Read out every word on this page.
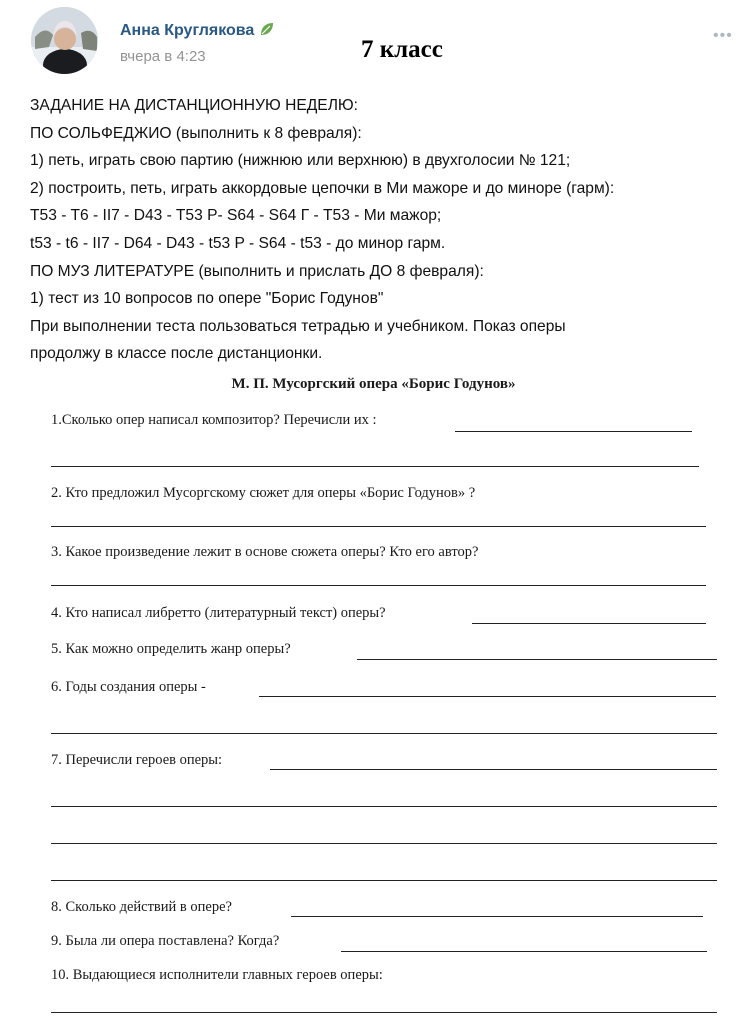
Анна Круглякова
вчера в 4:23	7 класс
•••
ЗАДАНИЕ НА ДИСТАНЦИОННУЮ НЕДЕЛЮ:
ПО СОЛЬФЕДЖИО (выполнить к 8 февраля):
1) петь, играть свою партию (нижнюю или верхнюю) в двухголосии № 121;
2) построить, петь, играть аккордовые цепочки в Ми мажоре и до миноре (гарм):
T53 - T6 - II7 - D43 - T53 P- S64 - S64 Г - T53 - Ми мажор;
t53 - t6 - II7 - D64 - D43 - t53 P - S64 - t53 - до минор гарм.
ПО МУЗ ЛИТЕРАТУРЕ (выполнить и прислать ДО 8 февраля):
1) тест из 10 вопросов по опере "Борис Годунов"
При выполнении теста пользоваться тетрадью и учебником. Показ оперы
продолжу в классе после дистанционки.
М. П. Мусоргский опера «Борис Годунов»
1.Сколько опер написал композитор? Перечисли их :
2. Кто предложил Мусоргскому сюжет для оперы «Борис Годунов» ?
3. Какое произведение лежит в основе сюжета оперы? Кто его автор?
4. Кто написал либретто (литературный текст) оперы?
5. Как можно определить жанр оперы?
6. Годы создания оперы -
7. Перечисли героев оперы:
8. Сколько действий в опере?
9. Была ли опера поставлена? Когда?
10. Выдающиеся исполнители главных героев оперы:
